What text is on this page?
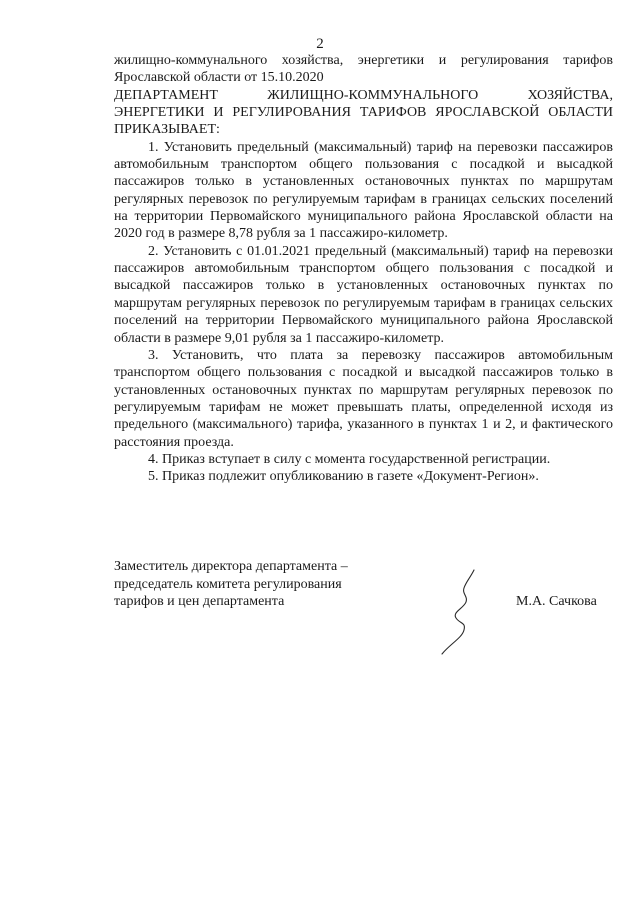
2

жилищно-коммунального хозяйства, энергетики и регулирования тарифов Ярославской области от 15.10.2020

ДЕПАРТАМЕНТ ЖИЛИЩНО-КОММУНАЛЬНОГО ХОЗЯЙСТВА, ЭНЕРГЕТИКИ И РЕГУЛИРОВАНИЯ ТАРИФОВ ЯРОСЛАВСКОЙ ОБЛАСТИ ПРИКАЗЫВАЕТ:

1. Установить предельный (максимальный) тариф на перевозки пассажиров автомобильным транспортом общего пользования с посадкой и высадкой пассажиров только в установленных остановочных пунктах по маршрутам регулярных перевозок по регулируемым тарифам в границах сельских поселений на территории Первомайского муниципального района Ярославской области на 2020 год в размере 8,78 рубля за 1 пассажиро-километр.

2. Установить с 01.01.2021 предельный (максимальный) тариф на перевозки пассажиров автомобильным транспортом общего пользования с посадкой и высадкой пассажиров только в установленных остановочных пунктах по маршрутам регулярных перевозок по регулируемым тарифам в границах сельских поселений на территории Первомайского муниципального района Ярославской области в размере 9,01 рубля за 1 пассажиро-километр.

3. Установить, что плата за перевозку пассажиров автомобильным транспортом общего пользования с посадкой и высадкой пассажиров только в установленных остановочных пунктах по маршрутам регулярных перевозок по регулируемым тарифам не может превышать платы, определенной исходя из предельного (максимального) тарифа, указанного в пунктах 1 и 2, и фактического расстояния проезда.

4. Приказ вступает в силу с момента государственной регистрации.

5. Приказ подлежит опубликованию в газете «Документ-Регион».

Заместитель директора департамента –
председатель комитета регулирования
тарифов и цен департамента	М.А. Сачкова
